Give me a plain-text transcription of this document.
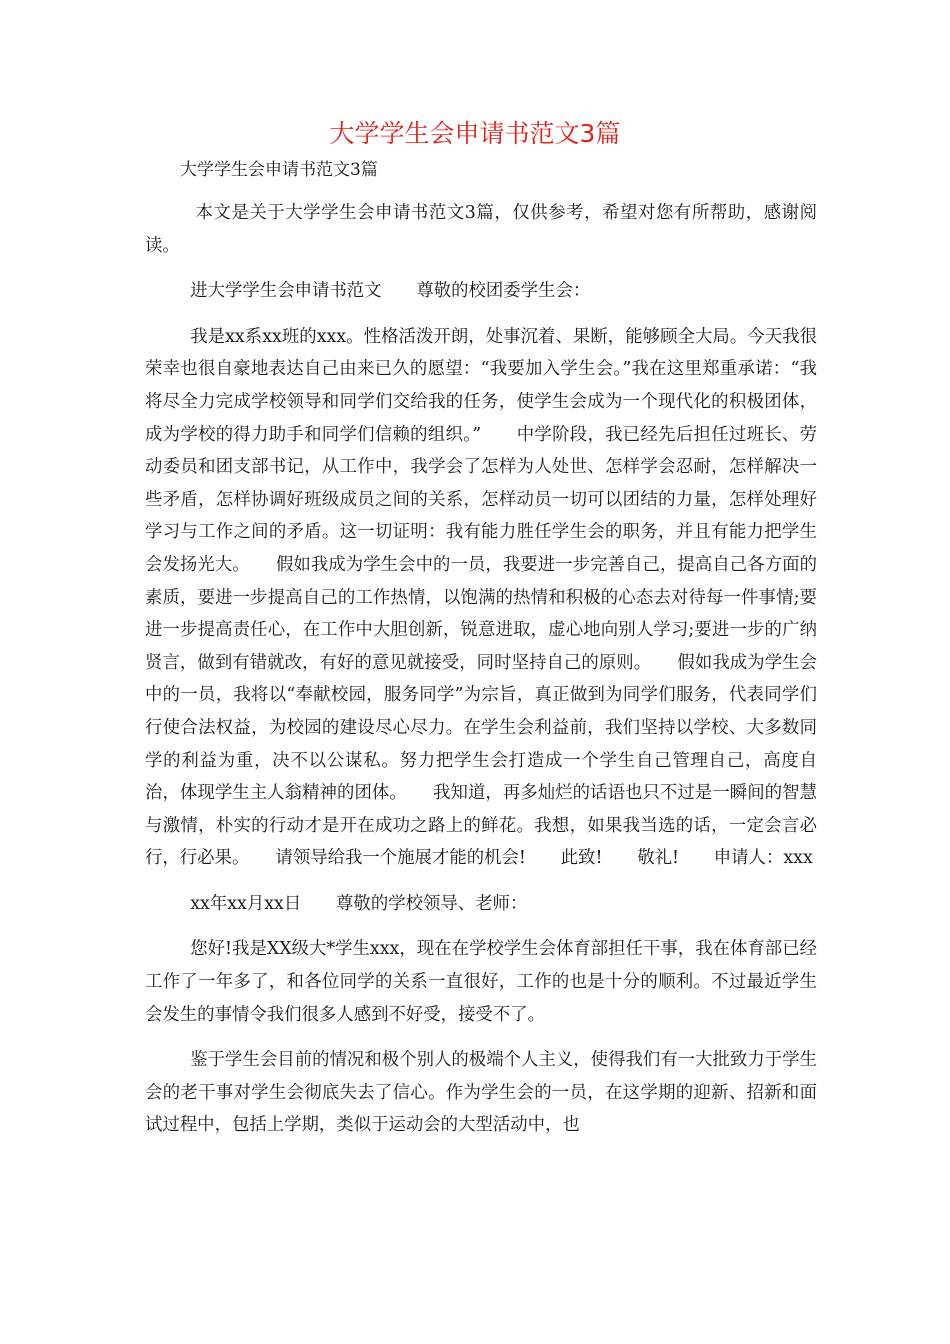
大学学生会申请书范文3篇
大学学生会申请书范文3篇

本文是关于大学学生会申请书范文3篇，仅供参考，希望对您有所帮助，感谢阅读。

进大学学生会申请书范文　　尊敬的校团委学生会：

我是xx系xx班的xxx。性格活泼开朗，处事沉着、果断，能够顾全大局。今天我很荣幸也很自豪地表达自己由来已久的愿望：“我要加入学生会。”我在这里郑重承诺：“我将尽全力完成学校领导和同学们交给我的任务，使学生会成为一个现代化的积极团体，成为学校的得力助手和同学们信赖的组织。”　　中学阶段，我已经先后担任过班长、劳动委员和团支部书记，从工作中，我学会了怎样为人处世、怎样学会忍耐，怎样解决一些矛盾，怎样协调好班级成员之间的关系，怎样动员一切可以团结的力量，怎样处理好学习与工作之间的矛盾。这一切证明：我有能力胜任学生会的职务，并且有能力把学生会发扬光大。　　假如我成为学生会中的一员，我要进一步完善自己，提高自己各方面的素质，要进一步提高自己的工作热情，以饱满的热情和积极的心态去对待每一件事情;要进一步提高责任心，在工作中大胆创新，锐意进取，虚心地向别人学习;要进一步的广纳贤言，做到有错就改，有好的意见就接受，同时坚持自己的原则。　　假如我成为学生会中的一员，我将以“奉献校园，服务同学”为宗旨，真正做到为同学们服务，代表同学们行使合法权益，为校园的建设尽心尽力。在学生会利益前，我们坚持以学校、大多数同学的利益为重，决不以公谋私。努力把学生会打造成一个学生自己管理自己，高度自治，体现学生主人翁精神的团体。　　我知道，再多灿烂的话语也只不过是一瞬间的智慧与激情，朴实的行动才是开在成功之路上的鲜花。我想，如果我当选的话，一定会言必行，行必果。　　请领导给我一个施展才能的机会!　　此致!　　敬礼!　　申请人：xxx

xx年xx月xx日　　尊敬的学校领导、老师：

您好!我是XX级大*学生xxx，现在在学校学生会体育部担任干事，我在体育部已经工作了一年多了，和各位同学的关系一直很好，工作的也是十分的顺利。不过最近学生会发生的事情令我们很多人感到不好受，接受不了。

鉴于学生会目前的情况和极个别人的极端个人主义，使得我们有一大批致力于学生会的老干事对学生会彻底失去了信心。作为学生会的一员，在这学期的迎新、招新和面试过程中，包括上学期，类似于运动会的大型活动中，也
